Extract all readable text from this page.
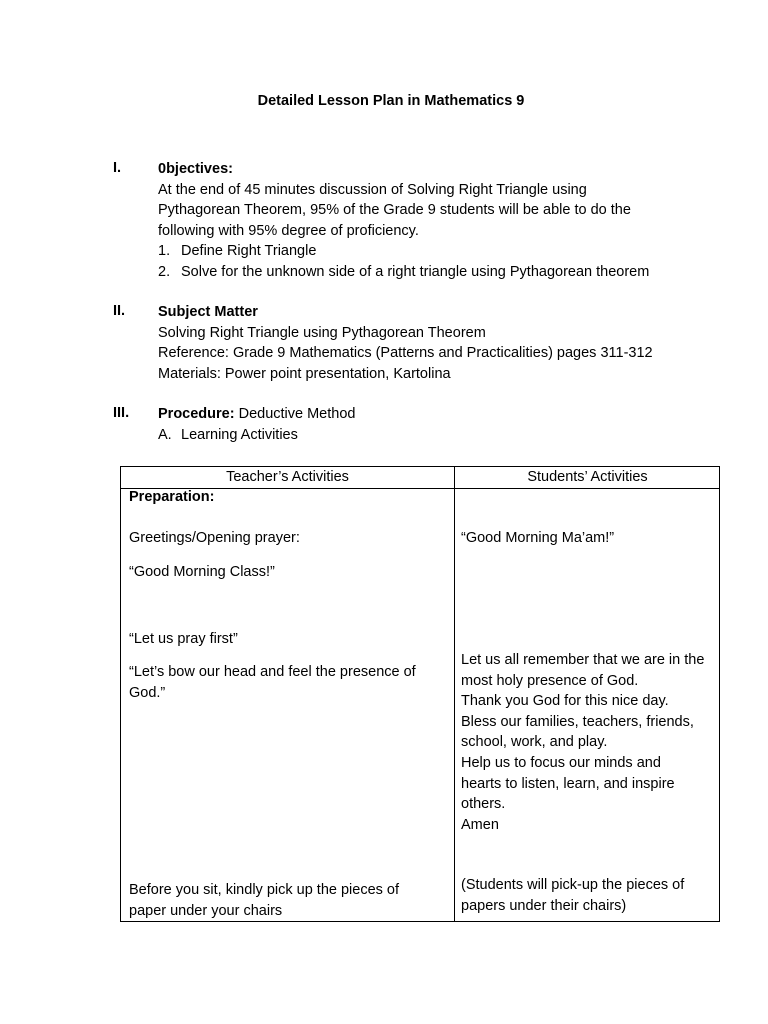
Detailed Lesson Plan in Mathematics 9
I.	0bjectives:
At the end of 45 minutes discussion of Solving Right Triangle using
Pythagorean Theorem, 95% of the Grade 9 students will be able to do the
following with 95% degree of proficiency.
1. Define Right Triangle
2. Solve for the unknown side of a right triangle using Pythagorean theorem
II. Subject Matter
Solving Right Triangle using Pythagorean Theorem
Reference: Grade 9 Mathematics (Patterns and Practicalities) pages 311-312
Materials: Power point presentation, Kartolina
III. Procedure: Deductive Method
A. Learning Activities
Teacher’s Activities	Students’ Activities
Preparation:
Greetings/Opening prayer:
“Good Morning Class!”
“Let us pray first”
“Let’s bow our head and feel the presence of
God.”
Before you sit, kindly pick up the pieces of
paper under your chairs
“Good Morning Ma’am!”
Let us all remember that we are in the
most holy presence of God.
Thank you God for this nice day.
Bless our families, teachers, friends,
school, work, and play.
Help us to focus our minds and
hearts to listen, learn, and inspire
others.
Amen
(Students will pick-up the pieces of
papers under their chairs)
